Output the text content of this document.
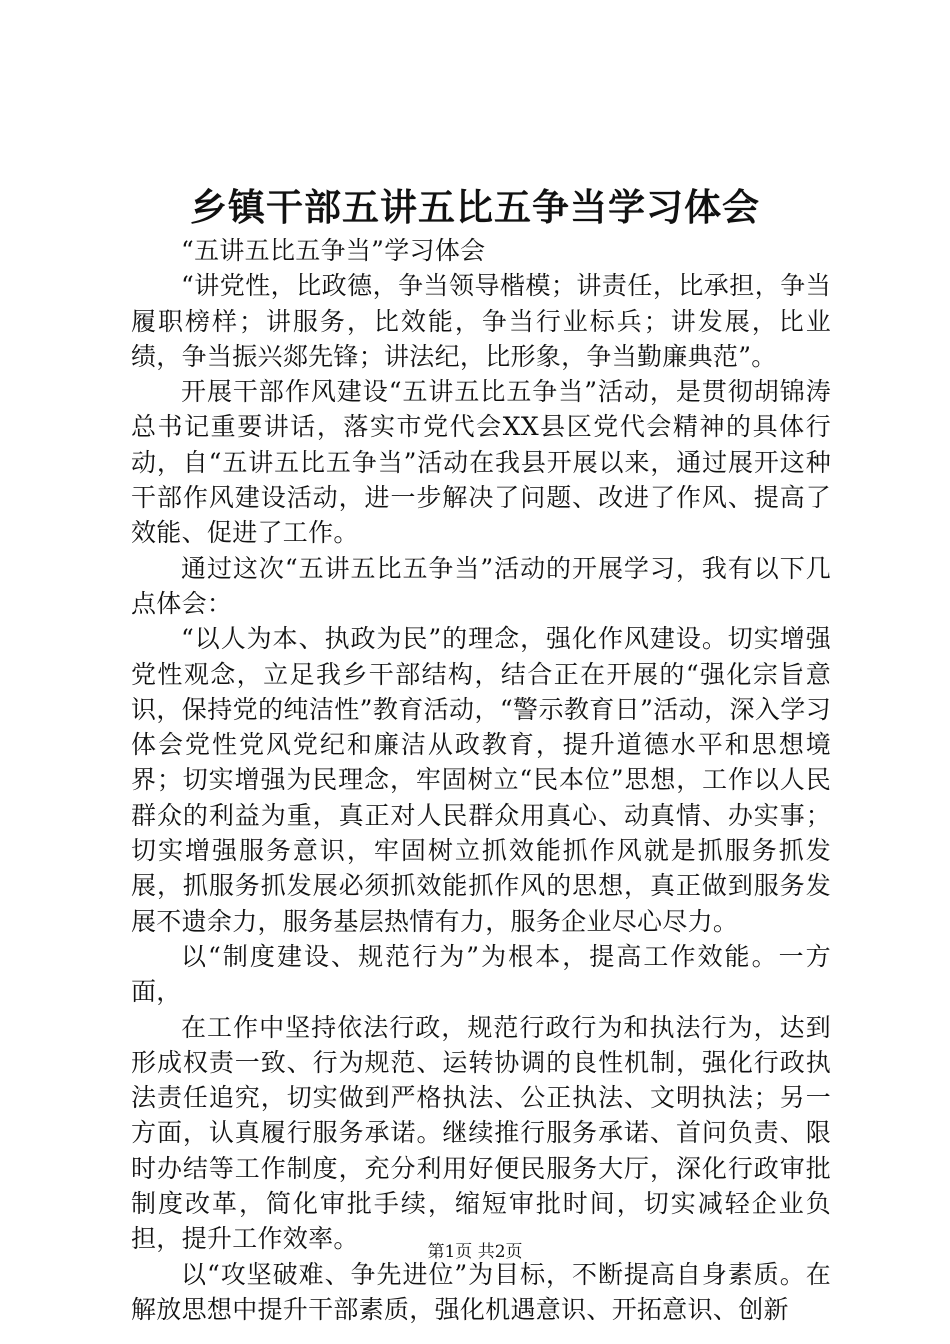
乡镇干部五讲五比五争当学习体会

“五讲五比五争当”学习体会

“讲党性，比政德，争当领导楷模；讲责任，比承担，争当履职榜样；讲服务，比效能，争当行业标兵；讲发展，比业绩，争当振兴郯先锋；讲法纪，比形象，争当勤廉典范”。

开展干部作风建设“五讲五比五争当”活动，是贯彻胡锦涛总书记重要讲话，落实市党代会XX县区党代会精神的具体行动，自“五讲五比五争当”活动在我县开展以来，通过展开这种干部作风建设活动，进一步解决了问题、改进了作风、提高了效能、促进了工作。

通过这次“五讲五比五争当”活动的开展学习，我有以下几点体会：

“以人为本、执政为民”的理念，强化作风建设。切实增强党性观念，立足我乡干部结构，结合正在开展的“强化宗旨意识，保持党的纯洁性”教育活动，“警示教育日”活动，深入学习体会党性党风党纪和廉洁从政教育，提升道德水平和思想境界；切实增强为民理念，牢固树立“民本位”思想，工作以人民群众的利益为重，真正对人民群众用真心、动真情、办实事；切实增强服务意识，牢固树立抓效能抓作风就是抓服务抓发展，抓服务抓发展必须抓效能抓作风的思想，真正做到服务发展不遗余力，服务基层热情有力，服务企业尽心尽力。

以“制度建设、规范行为”为根本，提高工作效能。一方面，

在工作中坚持依法行政，规范行政行为和执法行为，达到形成权责一致、行为规范、运转协调的良性机制，强化行政执法责任追究，切实做到严格执法、公正执法、文明执法；另一方面，认真履行服务承诺。继续推行服务承诺、首问负责、限时办结等工作制度，充分利用好便民服务大厅，深化行政审批制度改革，简化审批手续，缩短审批时间，切实减轻企业负担，提升工作效率。

以“攻坚破难、争先进位”为目标，不断提高自身素质。在解放思想中提升干部素质，强化机遇意识、开拓意识、创新

第1页 共2页
